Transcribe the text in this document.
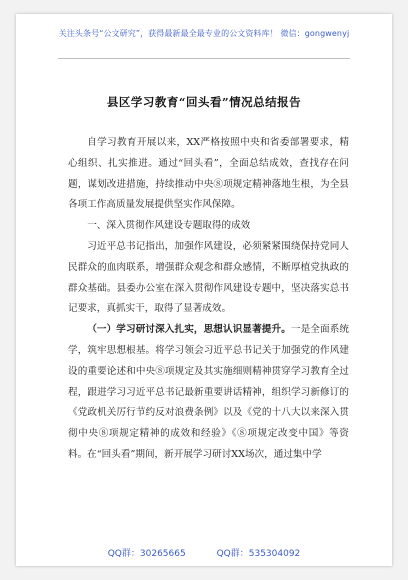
关注头条号“公文研究”，获得最新最全最专业的公文资料库！ 微信：gongwenyj
县区学习教育“回头看”情况总结报告

自学习教育开展以来，XX严格按照中央和省委部署要求，精心组织、扎实推进。通过“回头看”，全面总结成效，查找存在问题，谋划改进措施，持续推动中央⑧项规定精神落地生根，为全县各项工作高质量发展提供坚实作风保障。

一、深入贯彻作风建设专题取得的成效

习近平总书记指出，加强作风建设，必须紧紧围绕保持党同人民群众的血肉联系，增强群众观念和群众感情，不断厚植党执政的群众基础。县委办公室在深入贯彻作风建设专题中，坚决落实总书记要求，真抓实干，取得了显著成效。

（一）学习研讨深入扎实，思想认识显著提升。一是全面系统学，筑牢思想根基。将学习领会习近平总书记关于加强党的作风建设的重要论述和中央⑧项规定及其实施细则精神贯穿学习教育全过程，跟进学习习近平总书记最新重要讲话精神，组织学习新修订的《党政机关厉行节约反对浪费条例》以及《党的十八大以来深入贯彻中央⑧项规定精神的成效和经验》《⑧项规定改变中国》等资料。在“回头看”期间，新开展学习研讨XX场次，通过集中学

QQ群：30265665	QQ群：535304092
